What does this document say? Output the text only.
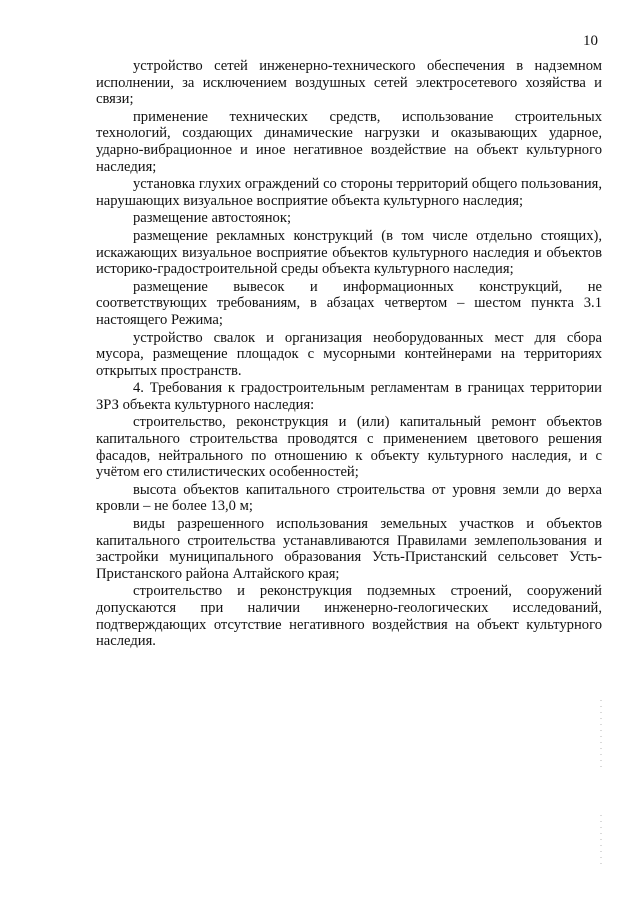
10

устройство сетей инженерно-технического обеспечения в надземном исполнении, за исключением воздушных сетей электросетевого хозяйства и связи;

применение технических средств, использование строительных технологий, создающих динамические нагрузки и оказывающих ударное, ударно-вибрационное и иное негативное воздействие на объект культурного наследия;

установка глухих ограждений со стороны территорий общего пользования, нарушающих визуальное восприятие объекта культурного наследия;

размещение автостоянок;

размещение рекламных конструкций (в том числе отдельно стоящих), искажающих визуальное восприятие объектов культурного наследия и объектов историко-градостроительной среды объекта культурного наследия;

размещение вывесок и информационных конструкций, не соответствующих требованиям, в абзацах четвертом – шестом пункта 3.1 настоящего Режима;

устройство свалок и организация необорудованных мест для сбора мусора, размещение площадок с мусорными контейнерами на территориях открытых пространств.

4. Требования к градостроительным регламентам в границах территории ЗРЗ объекта культурного наследия:

строительство, реконструкция и (или) капитальный ремонт объектов капитального строительства проводятся с применением цветового решения фасадов, нейтрального по отношению к объекту культурного наследия, и с учётом его стилистических особенностей;

высота объектов капитального строительства от уровня земли до верха кровли – не более 13,0 м;

виды разрешенного использования земельных участков и объектов капитального строительства устанавливаются Правилами землепользования и застройки муниципального образования Усть-Пристанский сельсовет Усть-Пристанского района Алтайского края;

строительство и реконструкция подземных строений, сооружений допускаются при наличии инженерно-геологических исследований, подтверждающих отсутствие негативного воздействия на объект культурного наследия.
